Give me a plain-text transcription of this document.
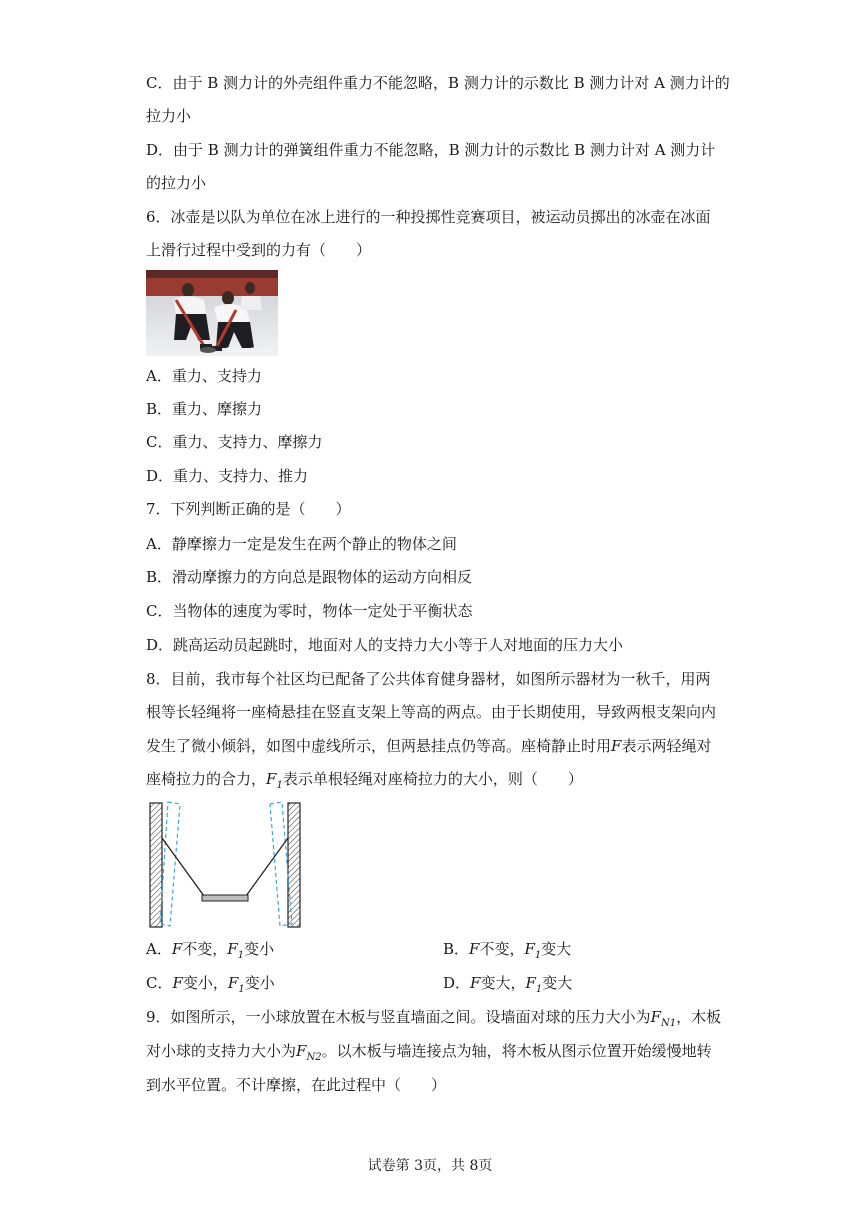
C．由于 B 测力计的外壳组件重力不能忽略，B 测力计的示数比 B 测力计对 A 测力计的
拉力小
D．由于 B 测力计的弹簧组件重力不能忽略，B 测力计的示数比 B 测力计对 A 测力计
的拉力小
6．冰壶是以队为单位在冰上进行的一种投掷性竞赛项目，被运动员掷出的冰壶在冰面
上滑行过程中受到的力有（　　）
ZhiXue5.com
A．重力、支持力
B．重力、摩擦力
C．重力、支持力、摩擦力
D．重力、支持力、推力
7．下列判断正确的是（　　）
A．静摩擦力一定是发生在两个静止的物体之间
B．滑动摩擦力的方向总是跟物体的运动方向相反
C．当物体的速度为零时，物体一定处于平衡状态
D．跳高运动员起跳时，地面对人的支持力大小等于人对地面的压力大小
8．目前，我市每个社区均已配备了公共体育健身器材，如图所示器材为一秋千，用两
根等长轻绳将一座椅悬挂在竖直支架上等高的两点。由于长期使用，导致两根支架向内
发生了微小倾斜，如图中虚线所示，但两悬挂点仍等高。座椅静止时用F表示两轻绳对
座椅拉力的合力，$F_1$表示单根轻绳对座椅拉力的大小，则（　　）
A．F不变，$F_1$变小	B．F不变，$F_1$变大
C．F变小，$F_1$变小	D．F变大，$F_1$变大
9．如图所示，一小球放置在木板与竖直墙面之间。设墙面对球的压力大小为$F_{N1}$，木板
对小球的支持力大小为$F_{N2}$。以木板与墙连接点为轴，将木板从图示位置开始缓慢地转
到水平位置。不计摩擦，在此过程中（　　）
试卷第 3页，共 8页
